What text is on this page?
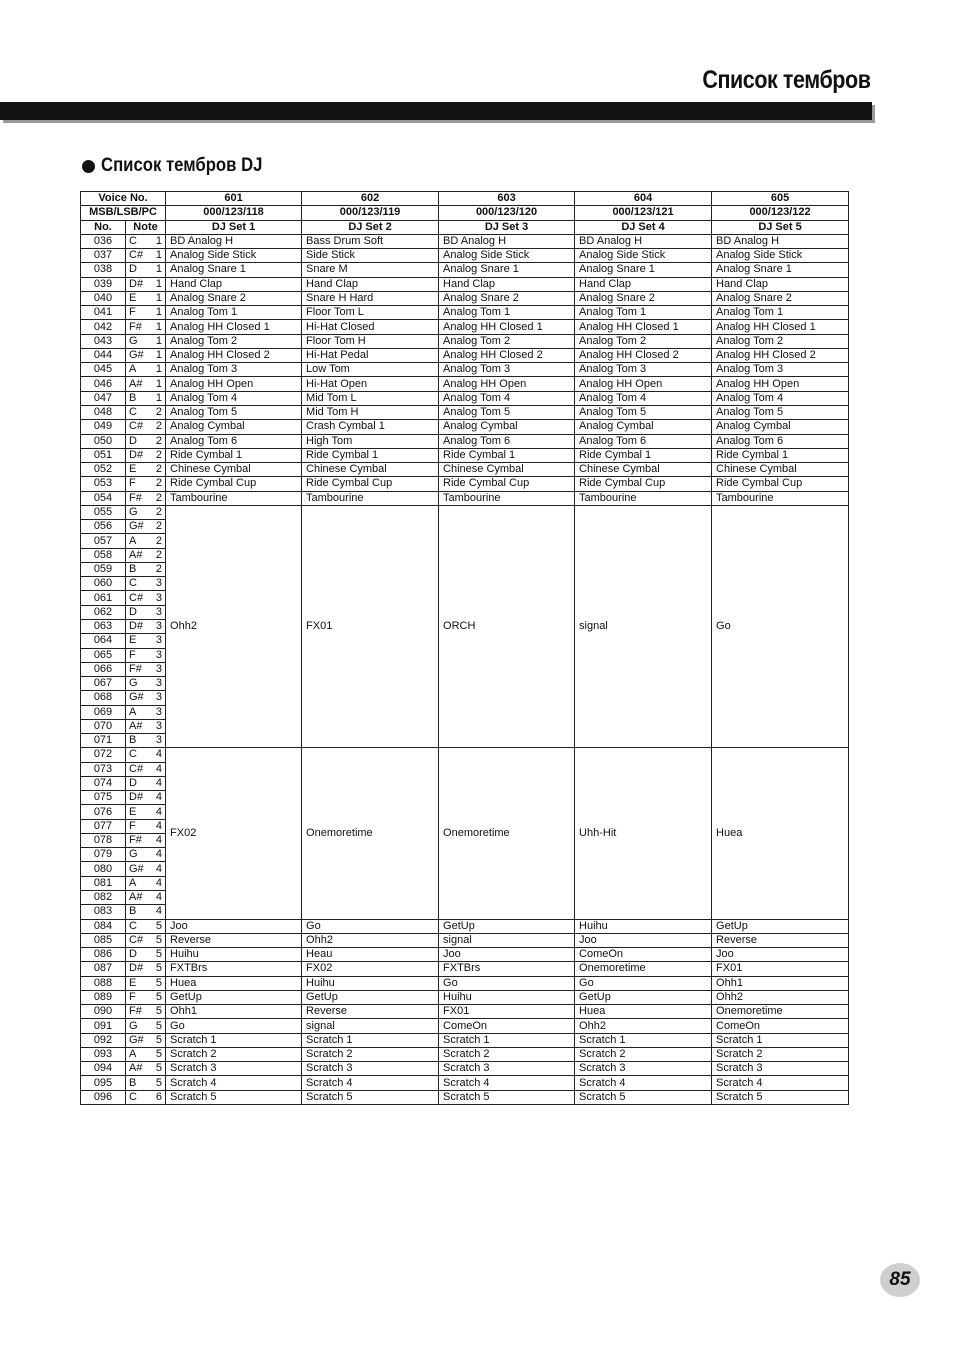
Список тембров
Список тембров DJ
Voice No.			601	602	603	604	605
MSB/LSB/PC			000/123/118	000/123/119	000/123/120	000/123/121	000/123/122
No.	Note		DJ Set 1	DJ Set 2	DJ Set 3	DJ Set 4	DJ Set 5
036	C	1	BD Analog H	Bass Drum Soft	BD Analog H	BD Analog H	BD Analog H
037	C#	1	Analog Side Stick	Side Stick	Analog Side Stick	Analog Side Stick	Analog Side Stick
038	D	1	Analog Snare 1	Snare M	Analog Snare 1	Analog Snare 1	Analog Snare 1
039	D#	1	Hand Clap	Hand Clap	Hand Clap	Hand Clap	Hand Clap
040	E	1	Analog Snare 2	Snare H Hard	Analog Snare 2	Analog Snare 2	Analog Snare 2
041	F	1	Analog Tom 1	Floor Tom L	Analog Tom 1	Analog Tom 1	Analog Tom 1
042	F#	1	Analog HH Closed 1	Hi-Hat Closed	Analog HH Closed 1	Analog HH Closed 1	Analog HH Closed 1
043	G	1	Analog Tom 2	Floor Tom H	Analog Tom 2	Analog Tom 2	Analog Tom 2
044	G#	1	Analog HH Closed 2	Hi-Hat Pedal	Analog HH Closed 2	Analog HH Closed 2	Analog HH Closed 2
045	A	1	Analog Tom 3	Low Tom	Analog Tom 3	Analog Tom 3	Analog Tom 3
046	A#	1	Analog HH Open	Hi-Hat Open	Analog HH Open	Analog HH Open	Analog HH Open
047	B	1	Analog Tom 4	Mid Tom L	Analog Tom 4	Analog Tom 4	Analog Tom 4
048	C	2	Analog Tom 5	Mid Tom H	Analog Tom 5	Analog Tom 5	Analog Tom 5
049	C#	2	Analog Cymbal	Crash Cymbal 1	Analog Cymbal	Analog Cymbal	Analog Cymbal
050	D	2	Analog Tom 6	High Tom	Analog Tom 6	Analog Tom 6	Analog Tom 6
051	D#	2	Ride Cymbal 1	Ride Cymbal 1	Ride Cymbal 1	Ride Cymbal 1	Ride Cymbal 1
052	E	2	Chinese Cymbal	Chinese Cymbal	Chinese Cymbal	Chinese Cymbal	Chinese Cymbal
053	F	2	Ride Cymbal Cup	Ride Cymbal Cup	Ride Cymbal Cup	Ride Cymbal Cup	Ride Cymbal Cup
054	F#	2	Tambourine	Tambourine	Tambourine	Tambourine	Tambourine
055	G	2	Ohh2	FX01	ORCH	signal	Go
056	G#	2					
057	A	2					
058	A#	2					
059	B	2					
060	C	3					
061	C#	3					
062	D	3					
063	D#	3					
064	E	3					
065	F	3					
066	F#	3					
067	G	3					
068	G#	3					
069	A	3					
070	A#	3					
071	B	3					
072	C	4	FX02	Onemoretime	Onemoretime	Uhh-Hit	Huea
073	C#	4					
074	D	4					
075	D#	4					
076	E	4					
077	F	4					
078	F#	4					
079	G	4					
080	G#	4					
081	A	4					
082	A#	4					
083	B	4					
084	C	5	Joo	Go	GetUp	Huihu	GetUp
085	C#	5	Reverse	Ohh2	signal	Joo	Reverse
086	D	5	Huihu	Heau	Joo	ComeOn	Joo
087	D#	5	FXTBrs	FX02	FXTBrs	Onemoretime	FX01
088	E	5	Huea	Huihu	Go	Go	Ohh1
089	F	5	GetUp	GetUp	Huihu	GetUp	Ohh2
090	F#	5	Ohh1	Reverse	FX01	Huea	Onemoretime
091	G	5	Go	signal	ComeOn	Ohh2	ComeOn
092	G#	5	Scratch 1	Scratch 1	Scratch 1	Scratch 1	Scratch 1
093	A	5	Scratch 2	Scratch 2	Scratch 2	Scratch 2	Scratch 2
094	A#	5	Scratch 3	Scratch 3	Scratch 3	Scratch 3	Scratch 3
095	B	5	Scratch 4	Scratch 4	Scratch 4	Scratch 4	Scratch 4
096	C	6	Scratch 5	Scratch 5	Scratch 5	Scratch 5	Scratch 5
85
